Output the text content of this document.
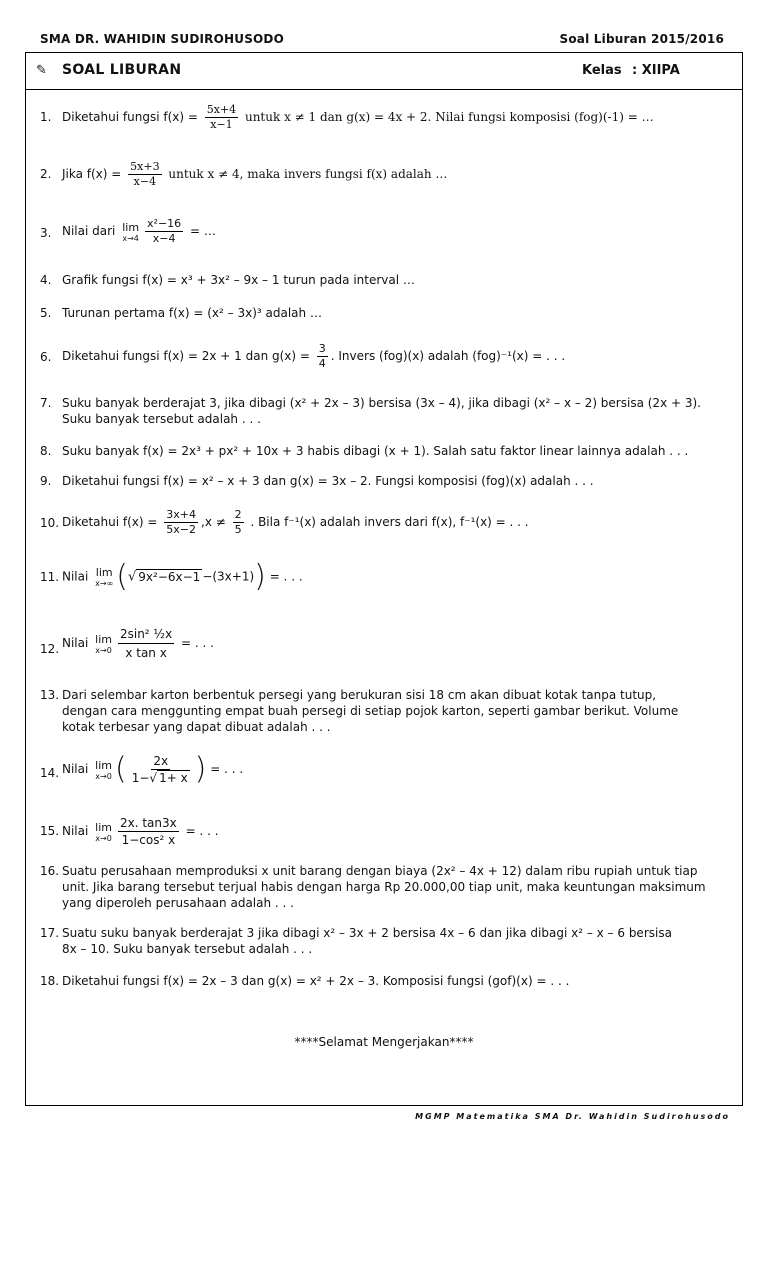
SMA DR. WAHIDIN SUDIROHUSODO	Soal Liburan 2015/2016
✎ SOAL LIBURAN	Kelas : XIIPA
1. Diketahui fungsi $f(x) = \frac{5x+4}{x-1}$ untuk x ≠ 1 dan g(x) = 4x + 2. Nilai fungsi komposisi (fog)(-1) = …
2. Jika $f(x) = \frac{5x+3}{x-4}$ untuk x ≠ 4, maka invers fungsi f(x) adalah …
3. Nilai dari lim
$x\to 4 \frac{\text{x²−16}}{x-4}$ = …
4. Grafik fungsi f(x) = x³ + 3x² – 9x – 1 turun pada interval …
5. Turunan pertama f(x) = (x² – 3x)³ adalah …
6. Diketahui fungsi f(x) = 2x + 1 dan $g(x) = \frac{3}{4}$ . Invers (fog)(x) adalah (fog)⁻¹(x) = . . .
7. Suku banyak berderajat 3, jika dibagi (x² + 2x – 3) bersisa (3x – 4), jika dibagi (x² – x – 2) bersisa (2x + 3).
Suku banyak tersebut adalah . . .
8. Suku banyak f(x) = 2x³ + px² + 10x + 3 habis dibagi (x + 1). Salah satu faktor linear lainnya adalah . . .
9. Diketahui fungsi f(x) = x² – x + 3 dan g(x) = 3x – 2. Fungsi komposisi (fog)(x) adalah . . .
10. Diketahui $f(x) = \frac{3x+4}{5x-2} ,x \ne \frac{2}{5}$ . Bila f⁻¹(x) adalah invers dari f(x), f⁻¹(x) = . . .
11. Nilai lim
x→∞ (√ 9x²−6x−1 −(3x+1)) = . . .
12. Nilai lim
$x\to 0 \frac{\text{2sin² ½x}}{\text{x tan x}}$ = . . .
13. Dari selembar karton berbentuk persegi yang berukuran sisi 18 cm akan dibuat kotak tanpa tutup,
dengan cara menggunting empat buah persegi di setiap pojok karton, seperti gambar berikut. Volume
kotak terbesar yang dapat dibuat adalah . . .
14. Nilai lim
x→0 ( $\frac{2x}{1-√ 1+ x}$ ) = . . .
15. Nilai lim
$x\to 0 \frac{2x. \tan 3x}{\text{1−cos² x}}$ = . . .
16. Suatu perusahaan memproduksi x unit barang dengan biaya (2x² – 4x + 12) dalam ribu rupiah untuk tiap
unit. Jika barang tersebut terjual habis dengan harga Rp 20.000,00 tiap unit, maka keuntungan maksimum
yang diperoleh perusahaan adalah . . .
17. Suatu suku banyak berderajat 3 jika dibagi x² – 3x + 2 bersisa 4x – 6 dan jika dibagi x² – x – 6 bersisa
8x – 10. Suku banyak tersebut adalah . . .
18. Diketahui fungsi f(x) = 2x – 3 dan g(x) = x² + 2x – 3. Komposisi fungsi (gof)(x) = . . .
****Selamat Mengerjakan****
MGMP Matematika SMA Dr. Wahidin Sudirohusodo
